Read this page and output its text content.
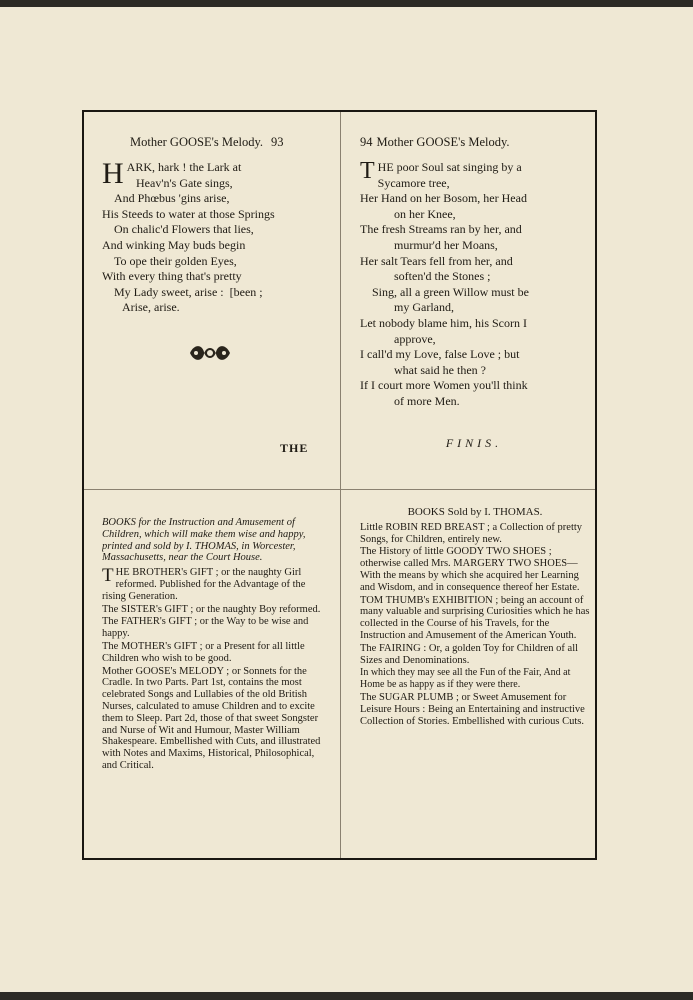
Mother GOOSE's Melody. 93
H ARK, hark ! the Lark at
Heav'n's Gate sings,
And Phœbus 'gins arise,
His Steeds to water at those Springs
On chalic'd Flowers that lies,
And winking May buds begin
To ope their golden Eyes,
With every thing that's pretty
My Lady sweet, arise :  [been ;
Arise, arise.
THE
94 Mother GOOSE's Melody.
T HE poor Soul sat singing by a
Sycamore tree,
Her Hand on her Bosom, her Head
on her Knee,
The fresh Streams ran by her, and
murmur'd her Moans,
Her salt Tears fell from her, and
soften'd the Stones ;
Sing, all a green Willow must be
my Garland,
Let nobody blame him, his Scorn I
approve,
I call'd my Love, false Love ; but
what said he then ?
If I court more Women you'll think
of more Men.
FINIS.

BOOKS for the Instruction and Amusement of Children, which will make them wise and happy, printed and sold by I. THOMAS, in Worcester, Massachusetts, near the Court House.

T HE BROTHER's GIFT ; or the naughty Girl reformed. Published for the Advantage of the rising Generation.

The SISTER's GIFT ; or the naughty Boy reformed.

The FATHER's GIFT ; or the Way to be wise and happy.

The MOTHER's GIFT ; or a Present for all little Children who wish to be good.

Mother GOOSE's MELODY ; or Sonnets for the Cradle. In two Parts. Part 1st, contains the most celebrated Songs and Lullabies of the old British Nurses, calculated to amuse Children and to excite them to Sleep. Part 2d, those of that sweet Songster and Nurse of Wit and Humour, Master William Shakespeare. Embellished with Cuts, and illustrated with Notes and Maxims, Historical, Philosophical, and Critical.

BOOKS Sold by I. THOMAS.

Little ROBIN RED BREAST ; a Collection of pretty Songs, for Children, entirely new.

The History of little GOODY TWO SHOES ; otherwise called Mrs. MARGERY TWO SHOES—With the means by which she acquired her Learning and Wisdom, and in consequence thereof her Estate.

TOM THUMB's EXHIBITION ; being an account of many valuable and surprising Curiosities which he has collected in the Course of his Travels, for the Instruction and Amusement of the American Youth.

The FAIRING : Or, a golden Toy for Children of all Sizes and Denominations.

In which they may see all the Fun of the Fair, And at Home be as happy as if they were there.

The SUGAR PLUMB ; or Sweet Amusement for Leisure Hours : Being an Entertaining and instructive Collection of Stories. Embellished with curious Cuts.
